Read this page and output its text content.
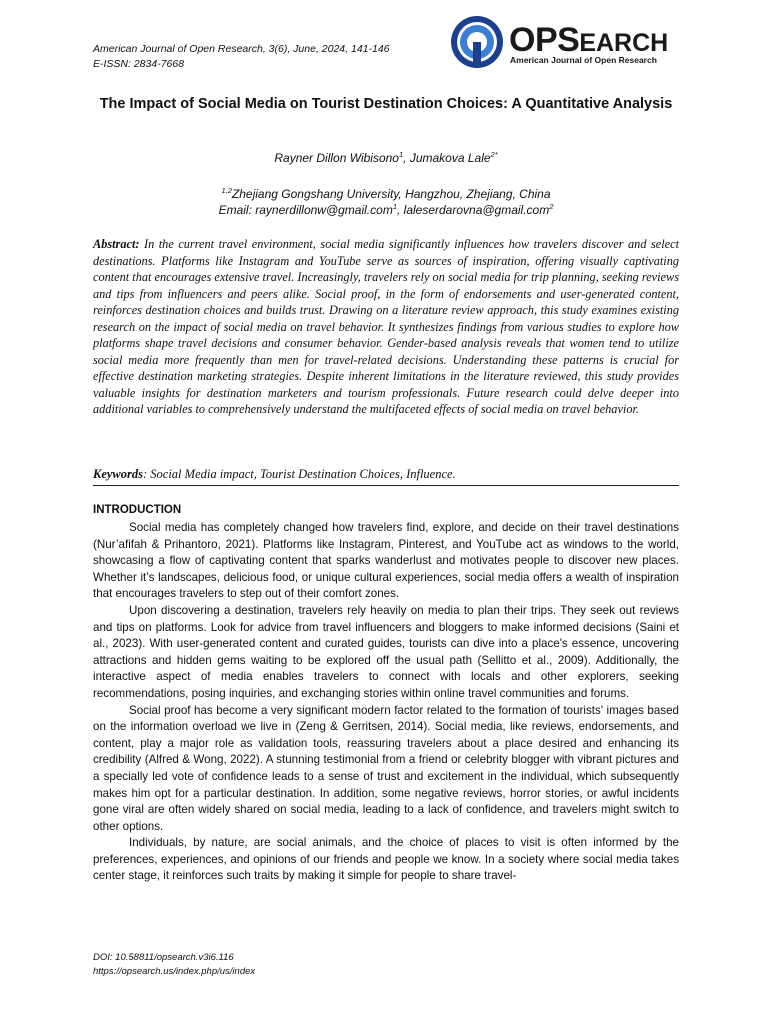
American Journal of Open Research, 3(6), June, 2024, 141-146
E-ISSN: 2834-7668
OPSEARCH
American Journal of Open Research
The Impact of Social Media on Tourist Destination Choices: A Quantitative Analysis
Rayner Dillon Wibisono$^1$, Jumakova Lale$^{2*}$
$^{1,2}$Zhejiang Gongshang University, Hangzhou, Zhejiang, China
Email: raynerdillonw@gmail.com$^1$, laleserdarovna@gmail.com$^2$
Abstract: In the current travel environment, social media significantly influences how travelers discover and select destinations. Platforms like Instagram and YouTube serve as sources of inspiration, offering visually captivating content that encourages extensive travel. Increasingly, travelers rely on social media for trip planning, seeking reviews and tips from influencers and peers alike. Social proof, in the form of endorsements and user-generated content, reinforces destination choices and builds trust. Drawing on a literature review approach, this study examines existing research on the impact of social media on travel behavior. It synthesizes findings from various studies to explore how platforms shape travel decisions and consumer behavior. Gender-based analysis reveals that women tend to utilize social media more frequently than men for travel-related decisions. Understanding these patterns is crucial for effective destination marketing strategies. Despite inherent limitations in the literature reviewed, this study provides valuable insights for destination marketers and tourism professionals. Future research could delve deeper into additional variables to comprehensively understand the multifaceted effects of social media on travel behavior.
Keywords: Social Media impact, Tourist Destination Choices, Influence.
INTRODUCTION

Social media has completely changed how travelers find, explore, and decide on their travel destinations (Nur’afifah & Prihantoro, 2021). Platforms like Instagram, Pinterest, and YouTube act as windows to the world, showcasing a flow of captivating content that sparks wanderlust and motivates people to discover new places. Whether it’s landscapes, delicious food, or unique cultural experiences, social media offers a wealth of inspiration that encourages travelers to step out of their comfort zones.

Upon discovering a destination, travelers rely heavily on media to plan their trips. They seek out reviews and tips on platforms. Look for advice from travel influencers and bloggers to make informed decisions (Saini et al., 2023). With user-generated content and curated guides, tourists can dive into a place's essence, uncovering attractions and hidden gems waiting to be explored off the usual path (Sellitto et al., 2009). Additionally, the interactive aspect of media enables travelers to connect with locals and other explorers, seeking recommendations, posing inquiries, and exchanging stories within online travel communities and forums.

Social proof has become a very significant modern factor related to the formation of tourists' images based on the information overload we live in (Zeng & Gerritsen, 2014). Social media, like reviews, endorsements, and content, play a major role as validation tools, reassuring travelers about a place desired and enhancing its credibility (Alfred & Wong, 2022). A stunning testimonial from a friend or celebrity blogger with vibrant pictures and a specially led vote of confidence leads to a sense of trust and excitement in the individual, which subsequently makes him opt for a particular destination. In addition, some negative reviews, horror stories, or awful incidents gone viral are often widely shared on social media, leading to a lack of confidence, and travelers might switch to other options.

Individuals, by nature, are social animals, and the choice of places to visit is often informed by the preferences, experiences, and opinions of our friends and people we know. In a society where social media takes center stage, it reinforces such traits by making it simple for people to share travel-

DOI: 10.58811/opsearch.v3i6.116
https://opsearch.us/index.php/us/index
